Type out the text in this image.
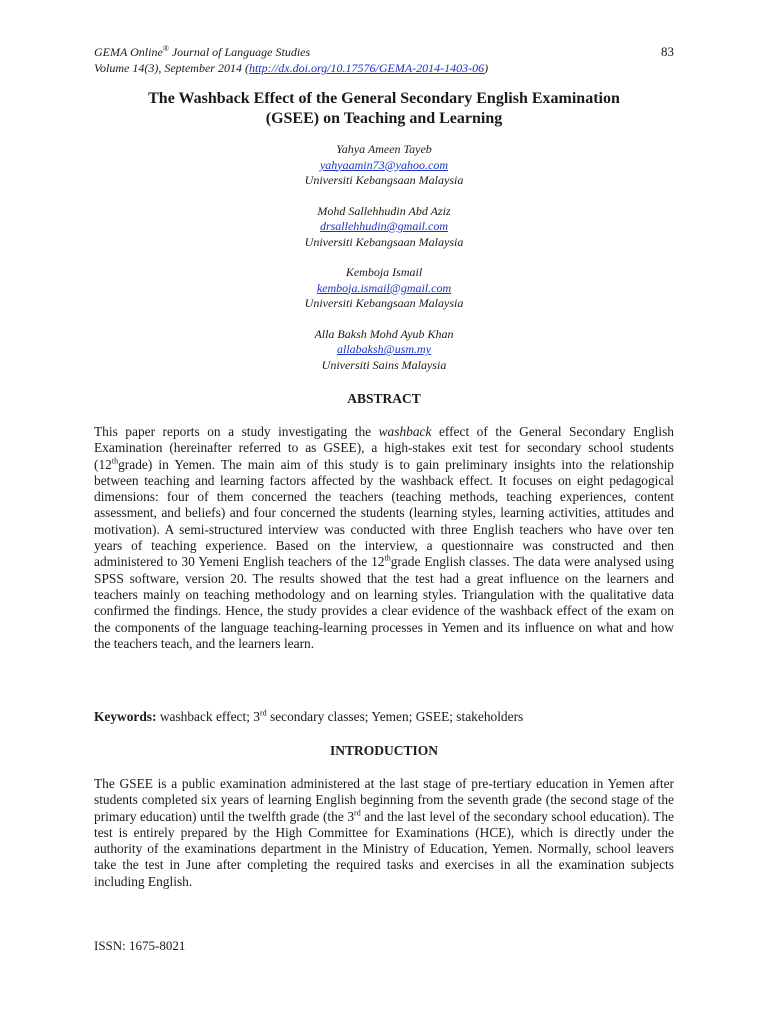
GEMA Online® Journal of Language Studies	83
Volume 14(3), September 2014 (http://dx.doi.org/10.17576/GEMA-2014-1403-06)
The Washback Effect of the General Secondary English Examination
(GSEE) on Teaching and Learning
Yahya Ameen Tayeb
yahyaamin73@yahoo.com
Universiti Kebangsaan Malaysia
Mohd Sallehhudin Abd Aziz
drsallehhudin@gmail.com
Universiti Kebangsaan Malaysia
Kemboja Ismail
kemboja.ismail@gmail.com
Universiti Kebangsaan Malaysia
Alla Baksh Mohd Ayub Khan
allabaksh@usm.my
Universiti Sains Malaysia
ABSTRACT
This paper reports on a study investigating the washback effect of the General Secondary English Examination (hereinafter referred to as GSEE), a high-stakes exit test for secondary school students (12thgrade) in Yemen. The main aim of this study is to gain preliminary insights into the relationship between teaching and learning factors affected by the washback effect. It focuses on eight pedagogical dimensions: four of them concerned the teachers (teaching methods, teaching experiences, content assessment, and beliefs) and four concerned the students (learning styles, learning activities, attitudes and motivation). A semi-structured interview was conducted with three English teachers who have over ten years of teaching experience. Based on the interview, a questionnaire was constructed and then administered to 30 Yemeni English teachers of the 12thgrade English classes. The data were analysed using SPSS software, version 20. The results showed that the test had a great influence on the learners and teachers mainly on teaching methodology and on learning styles. Triangulation with the qualitative data confirmed the findings. Hence, the study provides a clear evidence of the washback effect of the exam on the components of the language teaching-learning processes in Yemen and its influence on what and how the teachers teach, and the learners learn.
Keywords: washback effect; 3rd secondary classes; Yemen; GSEE; stakeholders
INTRODUCTION
The GSEE is a public examination administered at the last stage of pre-tertiary education in Yemen after students completed six years of learning English beginning from the seventh grade (the second stage of the primary education) until the twelfth grade (the 3rd and the last level of the secondary school education). The test is entirely prepared by the High Committee for Examinations (HCE), which is directly under the authority of the examinations department in the Ministry of Education, Yemen. Normally, school leavers take the test in June after completing the required tasks and exercises in all the examination subjects including English.
ISSN: 1675-8021
